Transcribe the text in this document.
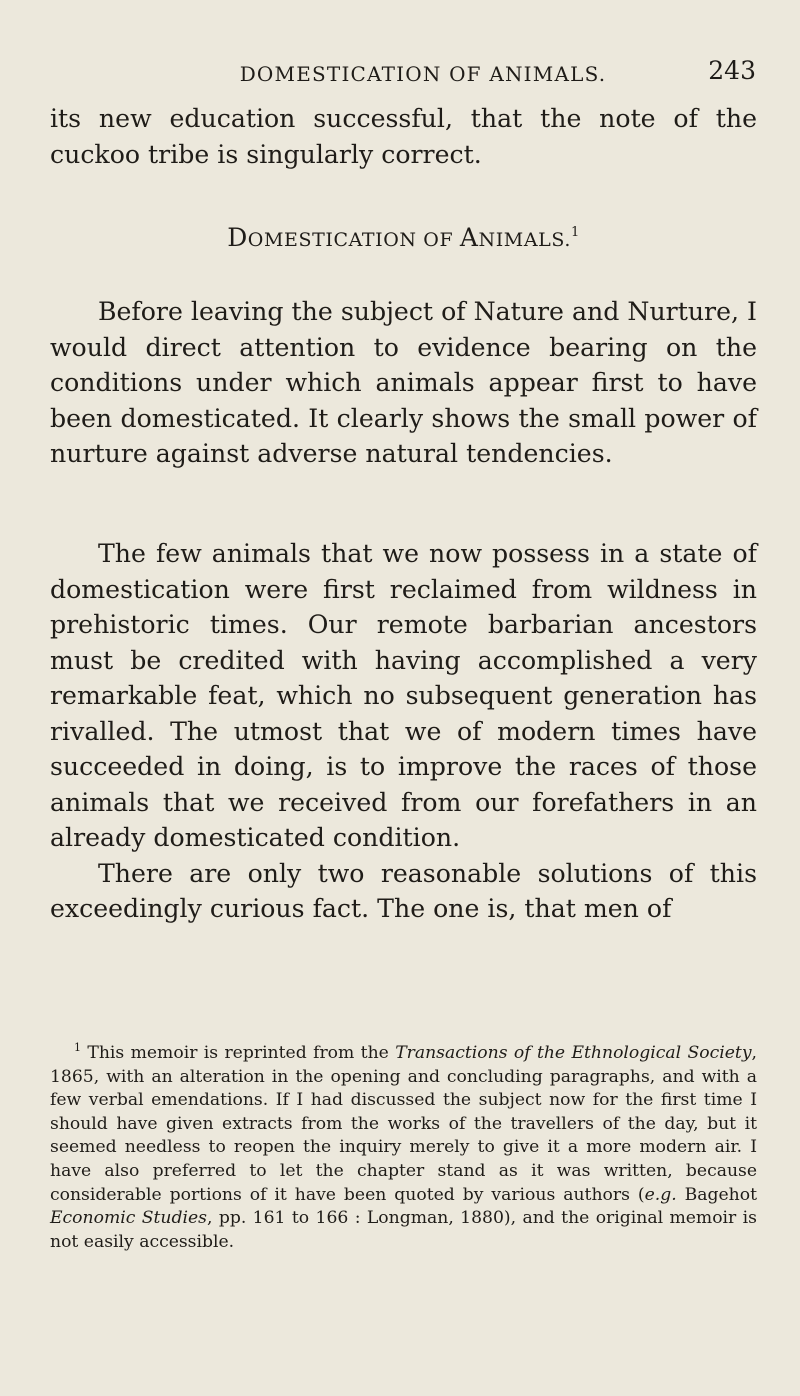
DOMESTICATION OF ANIMALS.	243

its new education successful, that the note of the cuckoo tribe is singularly correct.

DOMESTICATION OF ANIMALS.$^1$

Before leaving the subject of Nature and Nurture, I would direct attention to evidence bearing on the conditions under which animals appear first to have been domesticated. It clearly shows the small power of nurture against adverse natural tendencies.

The few animals that we now possess in a state of domestication were first reclaimed from wildness in prehistoric times. Our remote barbarian ancestors must be credited with having accomplished a very remarkable feat, which no subsequent generation has rivalled. The utmost that we of modern times have succeeded in doing, is to improve the races of those animals that we received from our forefathers in an already domesticated condition.

There are only two reasonable solutions of this exceedingly curious fact. The one is, that men of

$^1$ This memoir is reprinted from the Transactions of the Ethnological Society, 1865, with an alteration in the opening and concluding paragraphs, and with a few verbal emendations. If I had discussed the subject now for the first time I should have given extracts from the works of the travellers of the day, but it seemed needless to reopen the inquiry merely to give it a more modern air. I have also preferred to let the chapter stand as it was written, because considerable portions of it have been quoted by various authors (e.g. Bagehot Economic Studies, pp. 161 to 166 : Longman, 1880), and the original memoir is not easily accessible.
